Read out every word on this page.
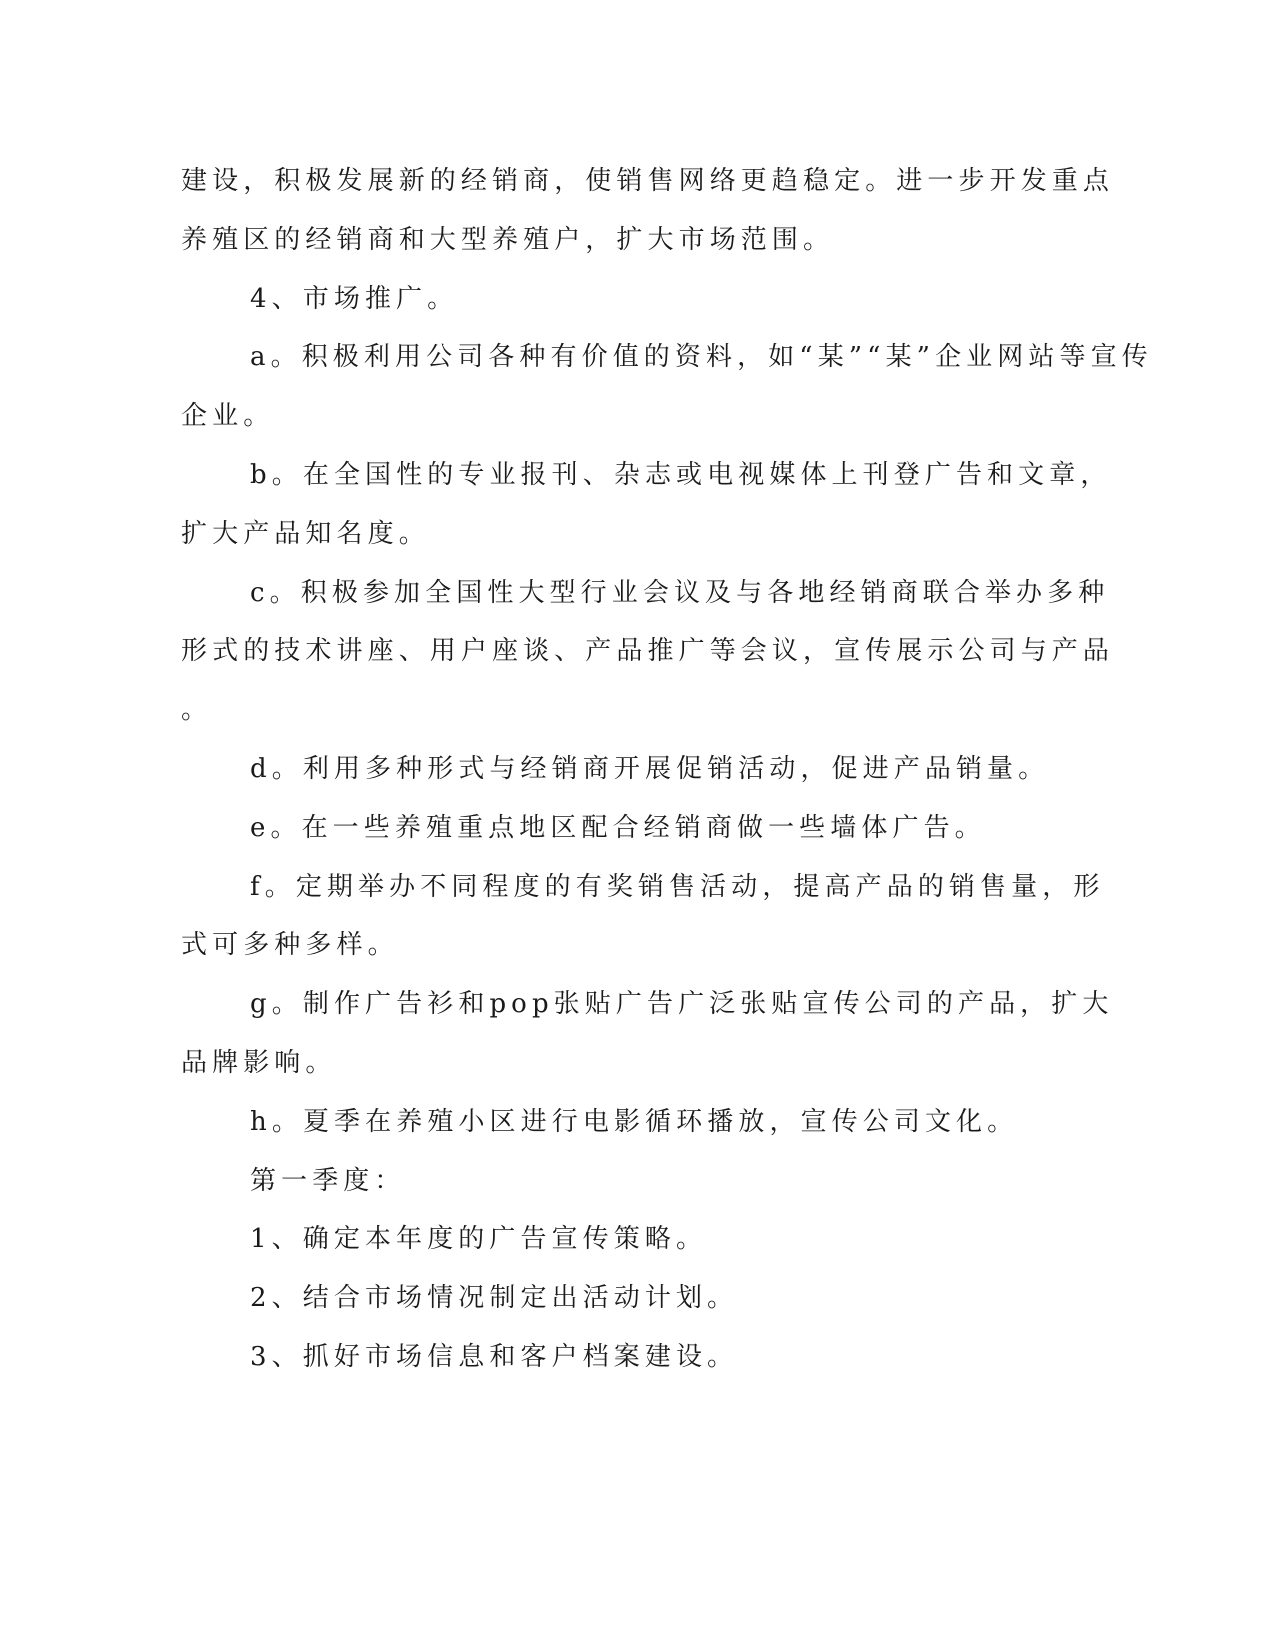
建设，积极发展新的经销商，使销售网络更趋稳定。进一步开发重点
养殖区的经销商和大型养殖户，扩大市场范围。
4、市场推广。
a。积极利用公司各种有价值的资料，如“某”“某”企业网站等宣传
企业。
b。在全国性的专业报刊、杂志或电视媒体上刊登广告和文章，
扩大产品知名度。
c。积极参加全国性大型行业会议及与各地经销商联合举办多种
形式的技术讲座、用户座谈、产品推广等会议，宣传展示公司与产品
。
d。利用多种形式与经销商开展促销活动，促进产品销量。
e。在一些养殖重点地区配合经销商做一些墙体广告。
f。定期举办不同程度的有奖销售活动，提高产品的销售量，形
式可多种多样。
g。制作广告衫和pop张贴广告广泛张贴宣传公司的产品，扩大
品牌影响。
h。夏季在养殖小区进行电影循环播放，宣传公司文化。
第一季度：
1、确定本年度的广告宣传策略。
2、结合市场情况制定出活动计划。
3、抓好市场信息和客户档案建设。
